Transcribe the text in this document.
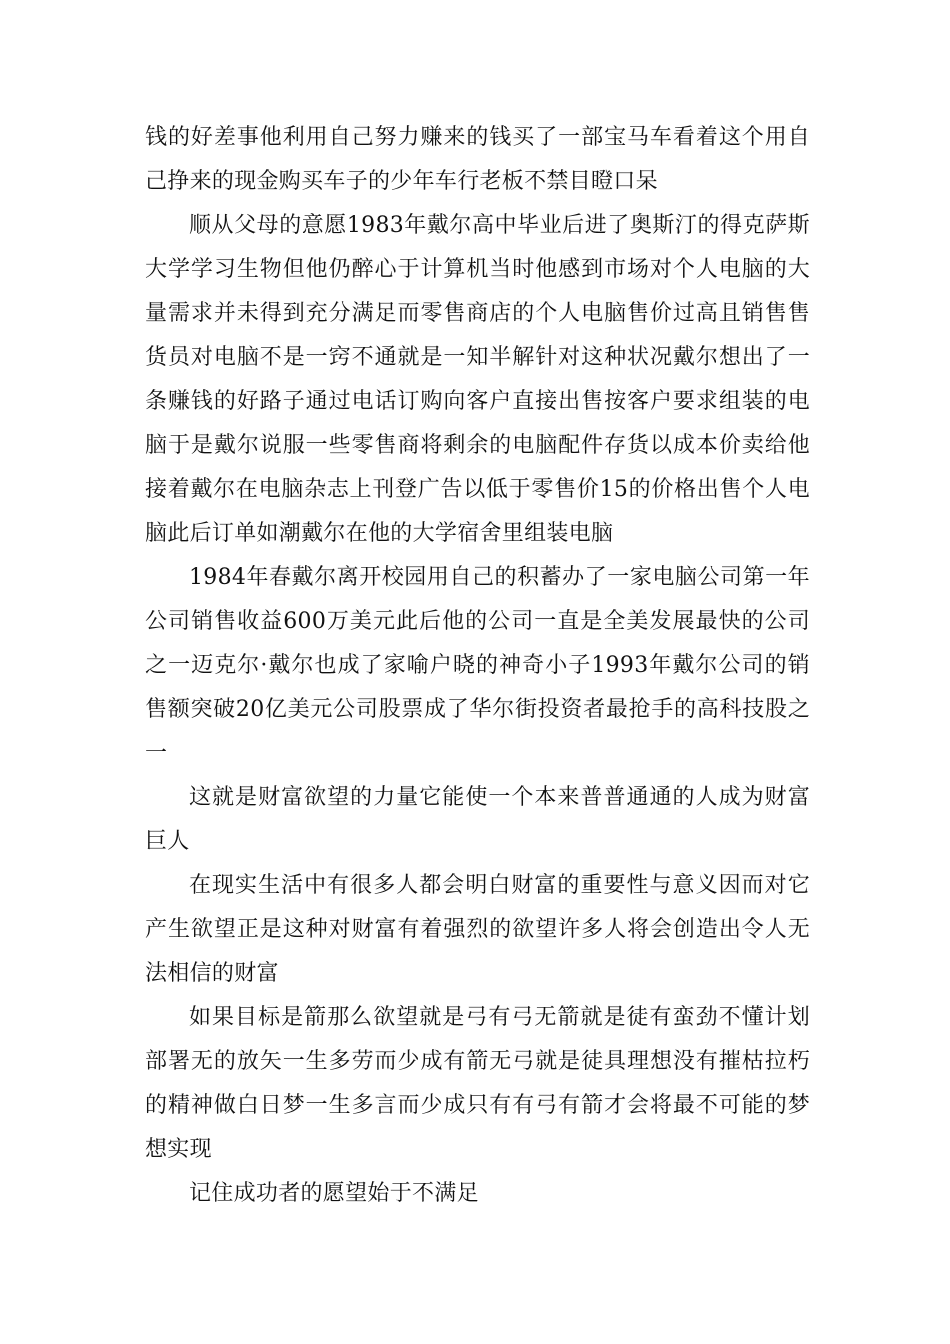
钱的好差事他利用自己努力赚来的钱买了一部宝马车看着这个用自己挣来的现金购买车子的少年车行老板不禁目瞪口呆

顺从父母的意愿1983年戴尔高中毕业后进了奥斯汀的得克萨斯大学学习生物但他仍醉心于计算机当时他感到市场对个人电脑的大量需求并未得到充分满足而零售商店的个人电脑售价过高且销售售货员对电脑不是一窍不通就是一知半解针对这种状况戴尔想出了一条赚钱的好路子通过电话订购向客户直接出售按客户要求组装的电脑于是戴尔说服一些零售商将剩余的电脑配件存货以成本价卖给他接着戴尔在电脑杂志上刊登广告以低于零售价15的价格出售个人电脑此后订单如潮戴尔在他的大学宿舍里组装电脑

1984年春戴尔离开校园用自己的积蓄办了一家电脑公司第一年公司销售收益600万美元此后他的公司一直是全美发展最快的公司之一迈克尔·戴尔也成了家喻户晓的神奇小子1993年戴尔公司的销售额突破20亿美元公司股票成了华尔街投资者最抢手的高科技股之一

这就是财富欲望的力量它能使一个本来普普通通的人成为财富巨人

在现实生活中有很多人都会明白财富的重要性与意义因而对它产生欲望正是这种对财富有着强烈的欲望许多人将会创造出令人无法相信的财富

如果目标是箭那么欲望就是弓有弓无箭就是徒有蛮劲不懂计划部署无的放矢一生多劳而少成有箭无弓就是徒具理想没有摧枯拉朽的精神做白日梦一生多言而少成只有有弓有箭才会将最不可能的梦想实现

记住成功者的愿望始于不满足
